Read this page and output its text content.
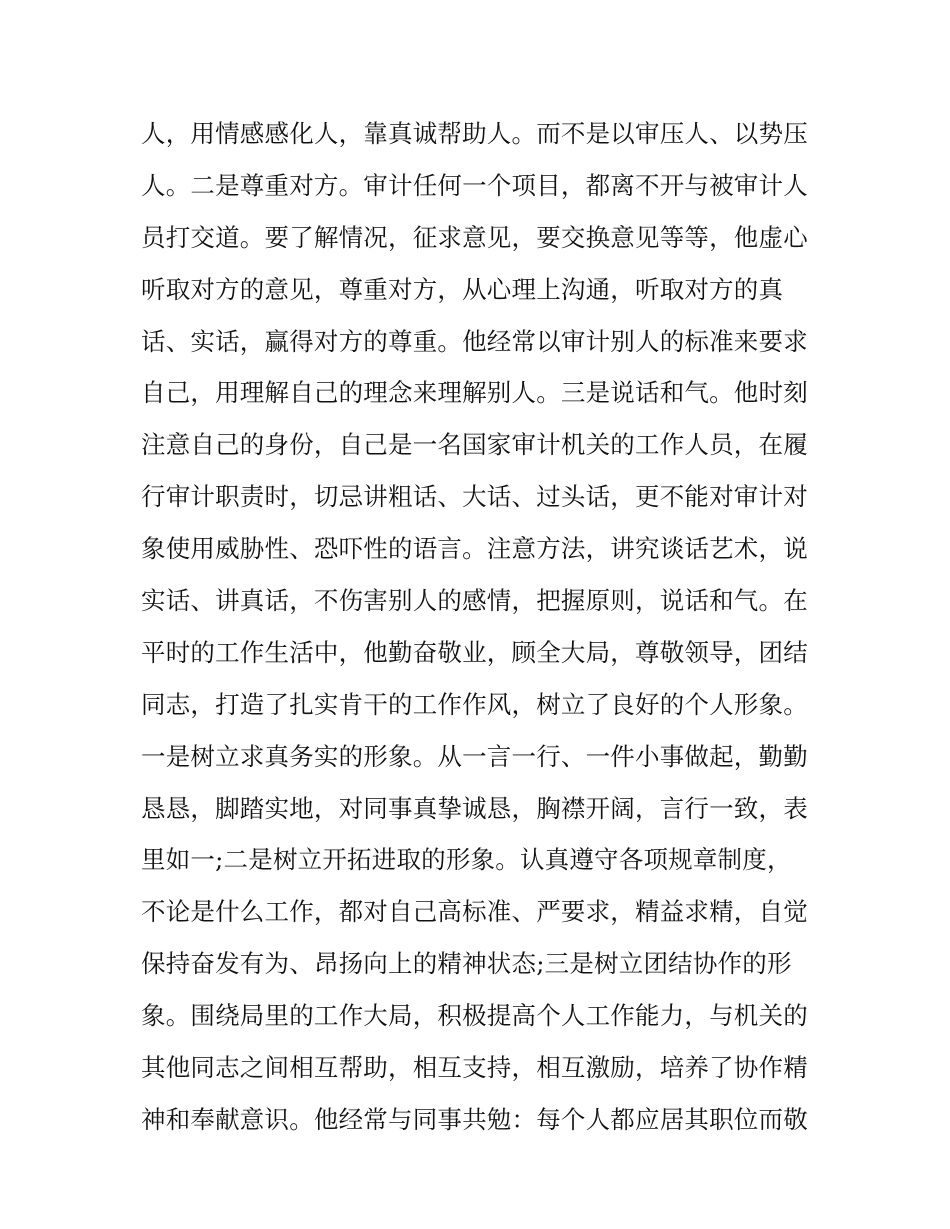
人，用情感感化人，靠真诚帮助人。而不是以审压人、以势压
人。二是尊重对方。审计任何一个项目，都离不开与被审计人
员打交道。要了解情况，征求意见，要交换意见等等，他虚心
听取对方的意见，尊重对方，从心理上沟通，听取对方的真
话、实话，赢得对方的尊重。他经常以审计别人的标准来要求
自己，用理解自己的理念来理解别人。三是说话和气。他时刻
注意自己的身份，自己是一名国家审计机关的工作人员，在履
行审计职责时，切忌讲粗话、大话、过头话，更不能对审计对
象使用威胁性、恐吓性的语言。注意方法，讲究谈话艺术，说
实话、讲真话，不伤害别人的感情，把握原则，说话和气。在
平时的工作生活中，他勤奋敬业，顾全大局，尊敬领导，团结
同志，打造了扎实肯干的工作作风，树立了良好的个人形象。
一是树立求真务实的形象。从一言一行、一件小事做起，勤勤
恳恳，脚踏实地，对同事真挚诚恳，胸襟开阔，言行一致，表
里如一;二是树立开拓进取的形象。认真遵守各项规章制度，
不论是什么工作，都对自己高标准、严要求，精益求精，自觉
保持奋发有为、昂扬向上的精神状态;三是树立团结协作的形
象。围绕局里的工作大局，积极提高个人工作能力，与机关的
其他同志之间相互帮助，相互支持，相互激励，培养了协作精
神和奉献意识。他经常与同事共勉：每个人都应居其职位而敬
